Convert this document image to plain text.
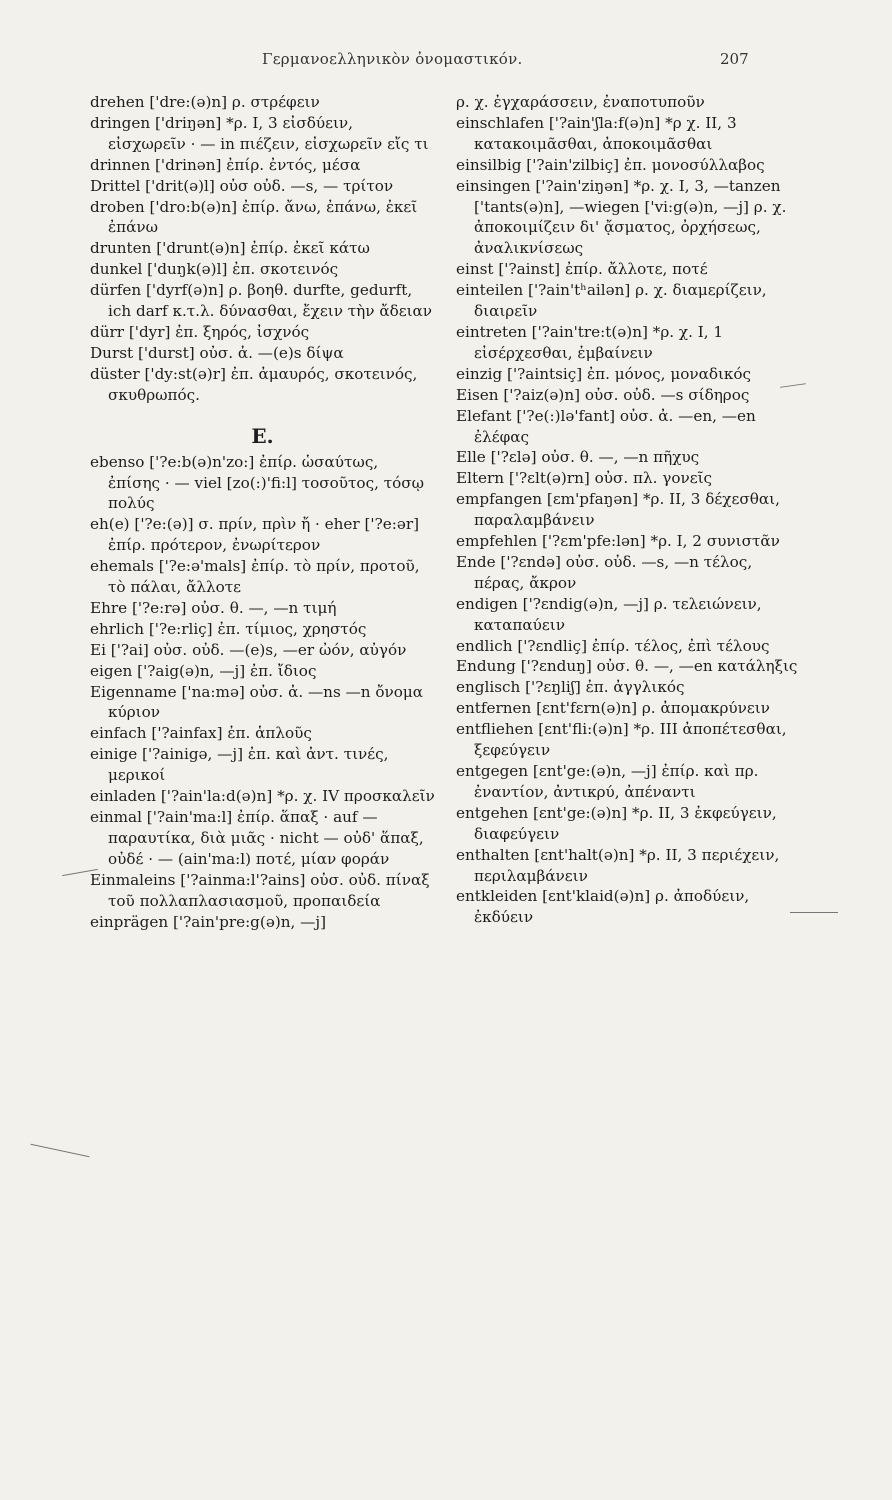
Γερμανοελληνικὸν ὀνομαστικόν.	207
drehen ['dre:(ə)n] ρ. στρέφειν
dringen ['driŋən] *ρ. I, 3 εἰσδύειν, εἰσχωρεῖν · — in πιέζειν, εἰσχωρεῖν εἴς τι
drinnen ['drinən] ἐπίρ. ἐντός, μέσα
Drittel ['drit(ə)l] οὐσ οὐδ. —s, — τρίτον
droben ['dro:b(ə)n] ἐπίρ. ἄνω, ἐπάνω, ἐκεῖ ἐπάνω
drunten ['drunt(ə)n] ἐπίρ. ἐκεῖ κάτω
dunkel ['duŋk(ə)l] ἐπ. σκοτεινός
dürfen ['dyrf(ə)n] ρ. βοηθ. durfte, gedurft, ich darf κ.τ.λ. δύνασθαι, ἔχειν τὴν ἄδειαν
dürr ['dyr] ἐπ. ξηρός, ἰσχνός
Durst ['durst] οὐσ. ἀ. —(e)s δίψα
düster ['dy:st(ə)r] ἐπ. ἀμαυρός, σκοτεινός, σκυθρωπός.
E.
ebenso ['?e:b(ə)n'zo:] ἐπίρ. ὡσαύτως, ἐπίσης · — viel [zo(:)'fi:l] τοσοῦτος, τόσῳ πολύς
eh(e) ['?e:(ə)] σ. πρίν, πρὶν ἤ · eher ['?e:ər] ἐπίρ. πρότερον, ἐνωρίτερον
ehemals ['?e:ə'mals] ἐπίρ. τὸ πρίν, προτοῦ, τὸ πάλαι, ἄλλοτε
Ehre ['?e:rə] οὐσ. θ. —, —n τιμή
ehrlich ['?e:rliç] ἐπ. τίμιος, χρηστός
Ei ['?ai] οὐσ. οὐδ. —(e)s, —er ὠόν, αὐγόν
eigen ['?aig(ə)n, —j] ἐπ. ἴδιος
Eigenname ['na:mə] οὐσ. ἀ. —ns —n ὄνομα κύριον
einfach ['?ainfax] ἐπ. ἁπλοῦς
einige ['?ainigə, —j] ἐπ. καὶ ἀντ. τινές, μερικοί
einladen ['?ain'la:d(ə)n] *ρ. χ. IV προσκαλεῖν
einmal ['?ain'ma:l] ἐπίρ. ἅπαξ · auf — παραυτίκα, διὰ μιᾶς · nicht — οὐδ' ἅπαξ, οὐδέ · — (ain'ma:l) ποτέ, μίαν φοράν
Einmaleins ['?ainma:l'?ains] οὐσ. οὐδ. πίναξ τοῦ πολλαπλασιασμοῦ, προπαιδεία
einprägen ['?ain'pre:g(ə)n, —j]
ρ. χ. ἐγχαράσσειν, ἐναποτυποῦν
einschlafen ['?ain'ʃla:f(ə)n] *ρ χ. II, 3 κατακοιμᾶσθαι, ἀποκοιμᾶσθαι
einsilbig ['?ain'zilbiç] ἐπ. μονοσύλλαβος
einsingen ['?ain'ziŋən] *ρ. χ. I, 3, —tanzen ['tants(ə)n], —wiegen ['vi:g(ə)n, —j] ρ. χ. ἀποκοιμίζειν δι' ᾄσματος, ὀρχήσεως, ἀναλικνίσεως
einst ['?ainst] ἐπίρ. ἄλλοτε, ποτέ
einteilen ['?ain'tʰailən] ρ. χ. διαμερίζειν, διαιρεῖν
eintreten ['?ain'tre:t(ə)n] *ρ. χ. I, 1 εἰσέρχεσθαι, ἐμβαίνειν
einzig ['?aintsiç] ἐπ. μόνος, μοναδικός
Eisen ['?aiz(ə)n] οὐσ. οὐδ. —s σίδηρος
Elefant ['?e(:)lə'fant] οὐσ. ἀ. —en, —en ἐλέφας
Elle ['?ɛlə] οὐσ. θ. —, —n πῆχυς
Eltern ['?ɛlt(ə)rn] οὐσ. πλ. γονεῖς
empfangen [ɛm'pfaŋən] *ρ. II, 3 δέχεσθαι, παραλαμβάνειν
empfehlen ['?ɛm'pfe:lən] *ρ. I, 2 συνιστᾶν
Ende ['?ɛndə] οὐσ. οὐδ. —s, —n τέλος, πέρας, ἄκρον
endigen ['?ɛndig(ə)n, —j] ρ. τελειώνειν, καταπαύειν
endlich ['?ɛndliç] ἐπίρ. τέλος, ἐπὶ τέλους
Endung ['?ɛnduŋ] οὐσ. θ. —, —en κατάληξις
englisch ['?ɛŋliʃ] ἐπ. ἀγγλικός
entfernen [ɛnt'fɛrn(ə)n] ρ. ἀπομακρύνειν
entfliehen [ɛnt'fli:(ə)n] *ρ. III ἀποπέτεσθαι, ξεφεύγειν
entgegen [ɛnt'ge:(ə)n, —j] ἐπίρ. καὶ πρ. ἐναντίον, ἀντικρύ, ἀπέναντι
entgehen [ɛnt'ge:(ə)n] *ρ. II, 3 ἐκφεύγειν, διαφεύγειν
enthalten [ɛnt'halt(ə)n] *ρ. II, 3 περιέχειν, περιλαμβάνειν
entkleiden [ɛnt'klaid(ə)n] ρ. ἀποδύειν, ἐκδύειν
